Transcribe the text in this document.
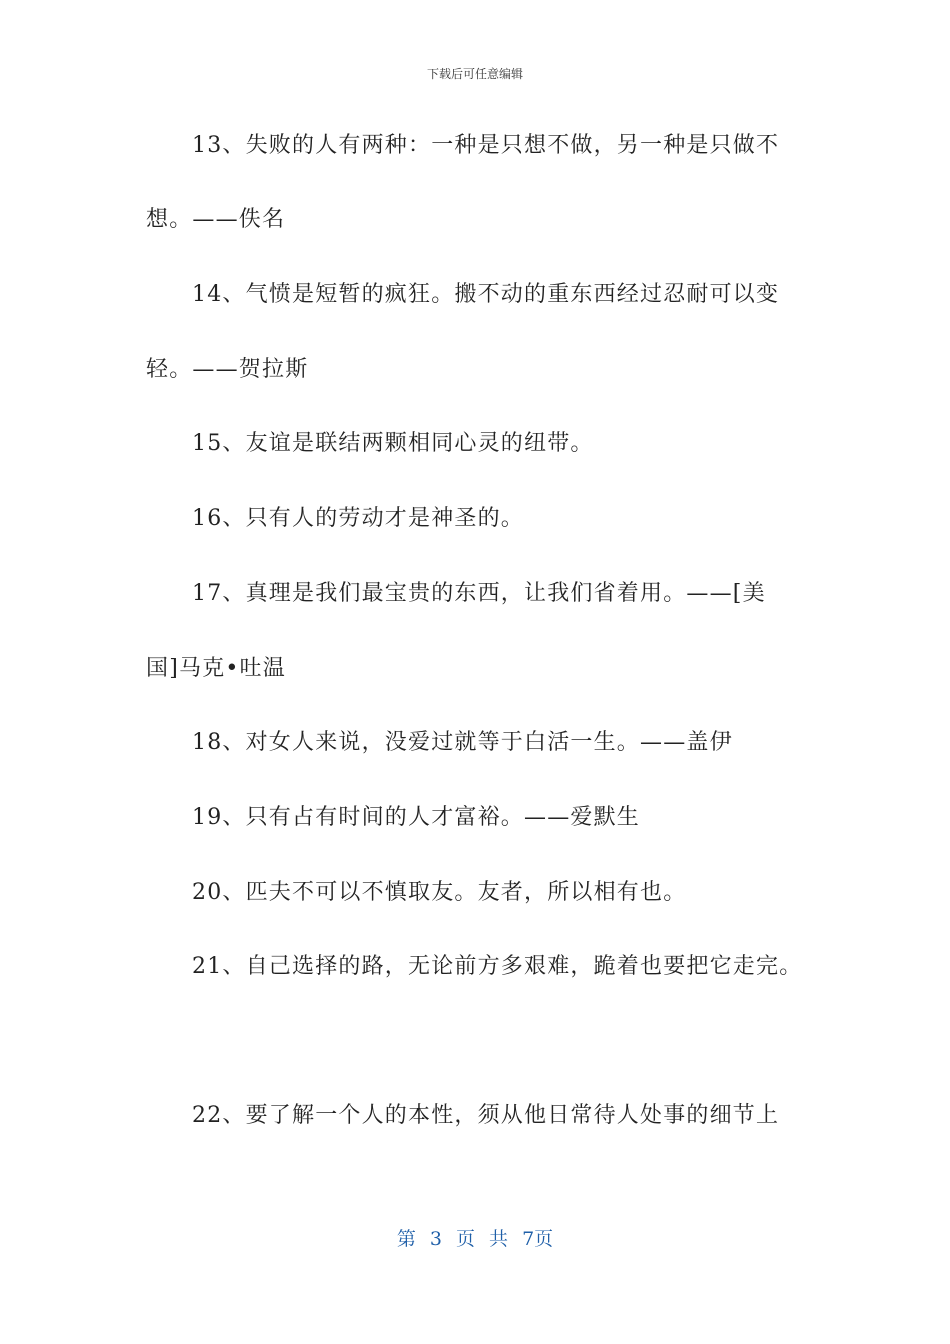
下载后可任意编辑
13、失败的人有两种：一种是只想不做，另一种是只做不
想。——佚名
14、气愤是短暂的疯狂。搬不动的重东西经过忍耐可以变
轻。——贺拉斯
15、友谊是联结两颗相同心灵的纽带。
16、只有人的劳动才是神圣的。
17、真理是我们最宝贵的东西，让我们省着用。——[美
国]马克•吐温
18、对女人来说，没爱过就等于白活一生。——盖伊
19、只有占有时间的人才富裕。——爱默生
20、匹夫不可以不慎取友。友者，所以相有也。
21、自己选择的路，无论前方多艰难，跪着也要把它走完。
22、要了解一个人的本性，须从他日常待人处事的细节上
第 3 页 共 7页
